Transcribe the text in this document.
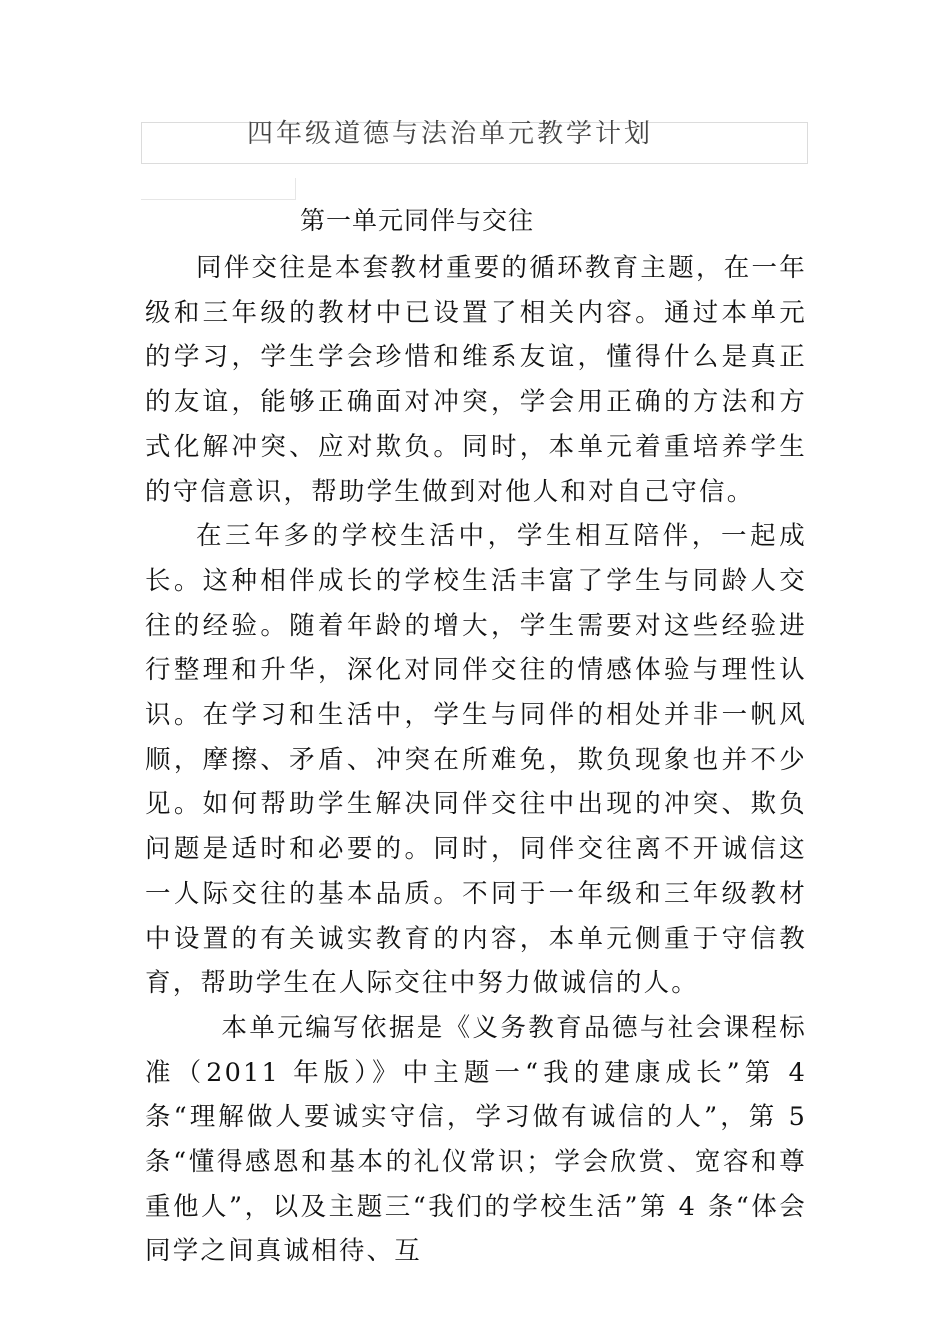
四年级道德与法治单元教学计划
第一单元同伴与交往

同伴交往是本套教材重要的循环教育主题，在一年级和三年级的教材中已设置了相关内容。通过本单元的学习，学生学会珍惜和维系友谊，懂得什么是真正的友谊，能够正确面对冲突，学会用正确的方法和方式化解冲突、应对欺负。同时，本单元着重培养学生的守信意识，帮助学生做到对他人和对自己守信。

在三年多的学校生活中，学生相互陪伴，一起成长。这种相伴成长的学校生活丰富了学生与同龄人交往的经验。随着年龄的增大，学生需要对这些经验进行整理和升华，深化对同伴交往的情感体验与理性认识。在学习和生活中，学生与同伴的相处并非一帆风顺，摩擦、矛盾、冲突在所难免，欺负现象也并不少见。如何帮助学生解决同伴交往中出现的冲突、欺负问题是适时和必要的。同时，同伴交往离不开诚信这一人际交往的基本品质。不同于一年级和三年级教材中设置的有关诚实教育的内容，本单元侧重于守信教育，帮助学生在人际交往中努力做诚信的人。

本单元编写依据是《义务教育品德与社会课程标准（2011 年版）》中主题一“我的建康成长”第 4 条“理解做人要诚实守信，学习做有诚信的人”，第 5 条“懂得感恩和基本的礼仪常识；学会欣赏、宽容和尊重他人”，以及主题三“我们的学校生活”第 4 条“体会同学之间真诚相待、互
